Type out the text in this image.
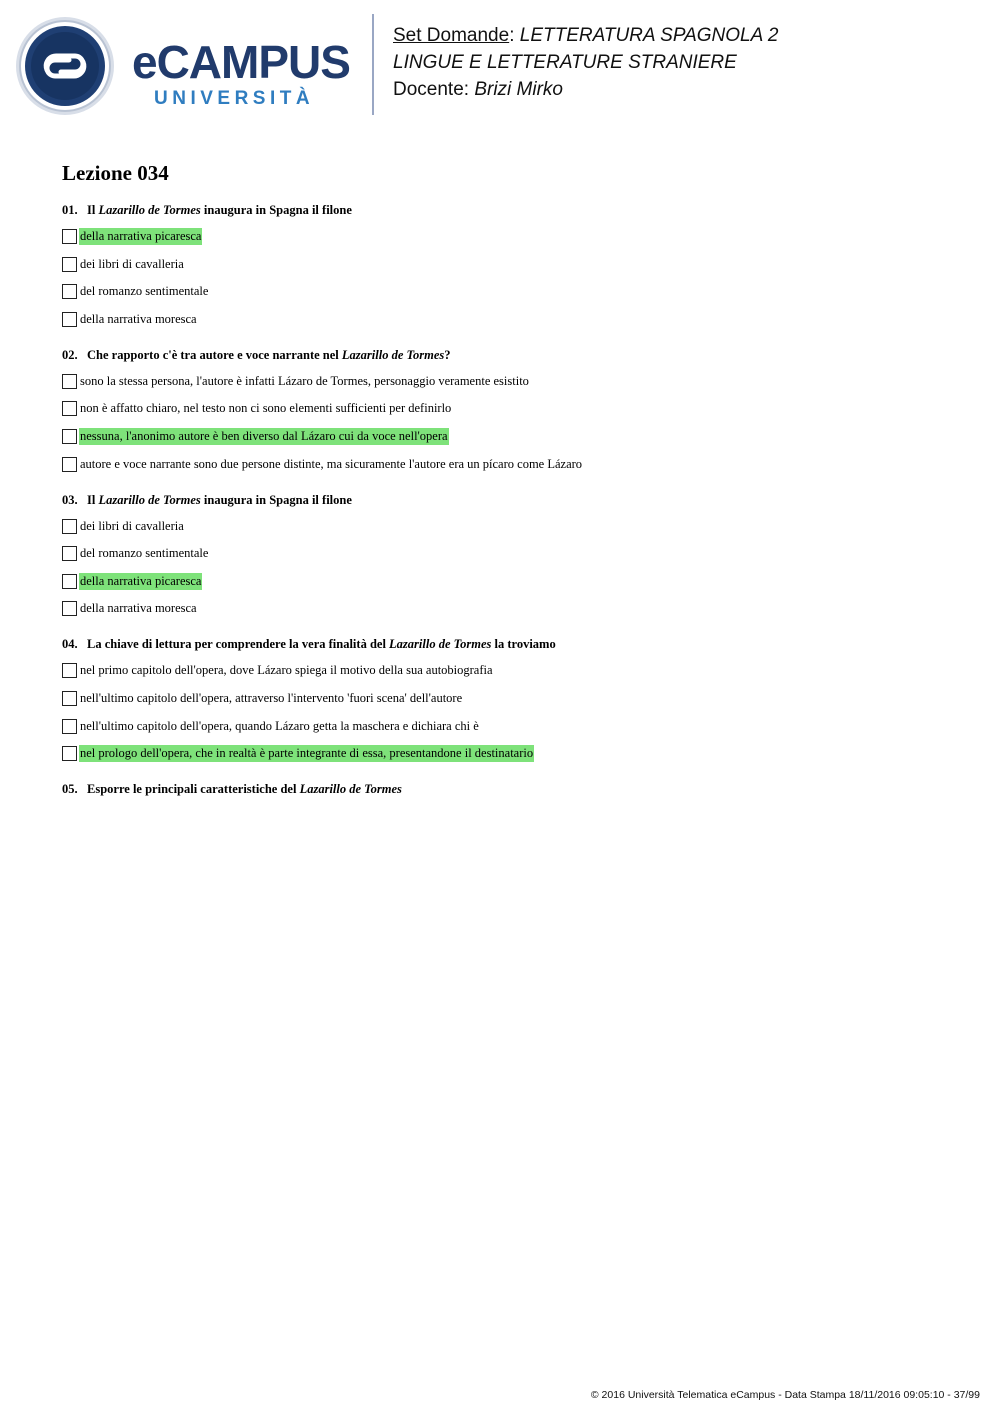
eCAMPUS
UNIVERSITÀ
Set Domande: LETTERATURA SPAGNOLA 2
LINGUE E LETTERATURE STRANIERE
Docente: Brizi Mirko
Lezione 034
01. Il Lazarillo de Tormes inaugura in Spagna il filone
della narrativa picaresca
dei libri di cavalleria
del romanzo sentimentale
della narrativa moresca
02. Che rapporto c'è tra autore e voce narrante nel Lazarillo de Tormes?
sono la stessa persona, l'autore è infatti Lázaro de Tormes, personaggio veramente esistito
non è affatto chiaro, nel testo non ci sono elementi sufficienti per definirlo
nessuna, l'anonimo autore è ben diverso dal Lázaro cui da voce nell'opera
autore e voce narrante sono due persone distinte, ma sicuramente l'autore era un pícaro come Lázaro
03. Il Lazarillo de Tormes inaugura in Spagna il filone
dei libri di cavalleria
del romanzo sentimentale
della narrativa picaresca
della narrativa moresca
04. La chiave di lettura per comprendere la vera finalità del Lazarillo de Tormes la troviamo
nel primo capitolo dell'opera, dove Lázaro spiega il motivo della sua autobiografia
nell'ultimo capitolo dell'opera, attraverso l'intervento 'fuori scena' dell'autore
nell'ultimo capitolo dell'opera, quando Lázaro getta la maschera e dichiara chi è
nel prologo dell'opera, che in realtà è parte integrante di essa, presentandone il destinatario
05. Esporre le principali caratteristiche del Lazarillo de Tormes
© 2016 Università Telematica eCampus - Data Stampa 18/11/2016 09:05:10 - 37/99
